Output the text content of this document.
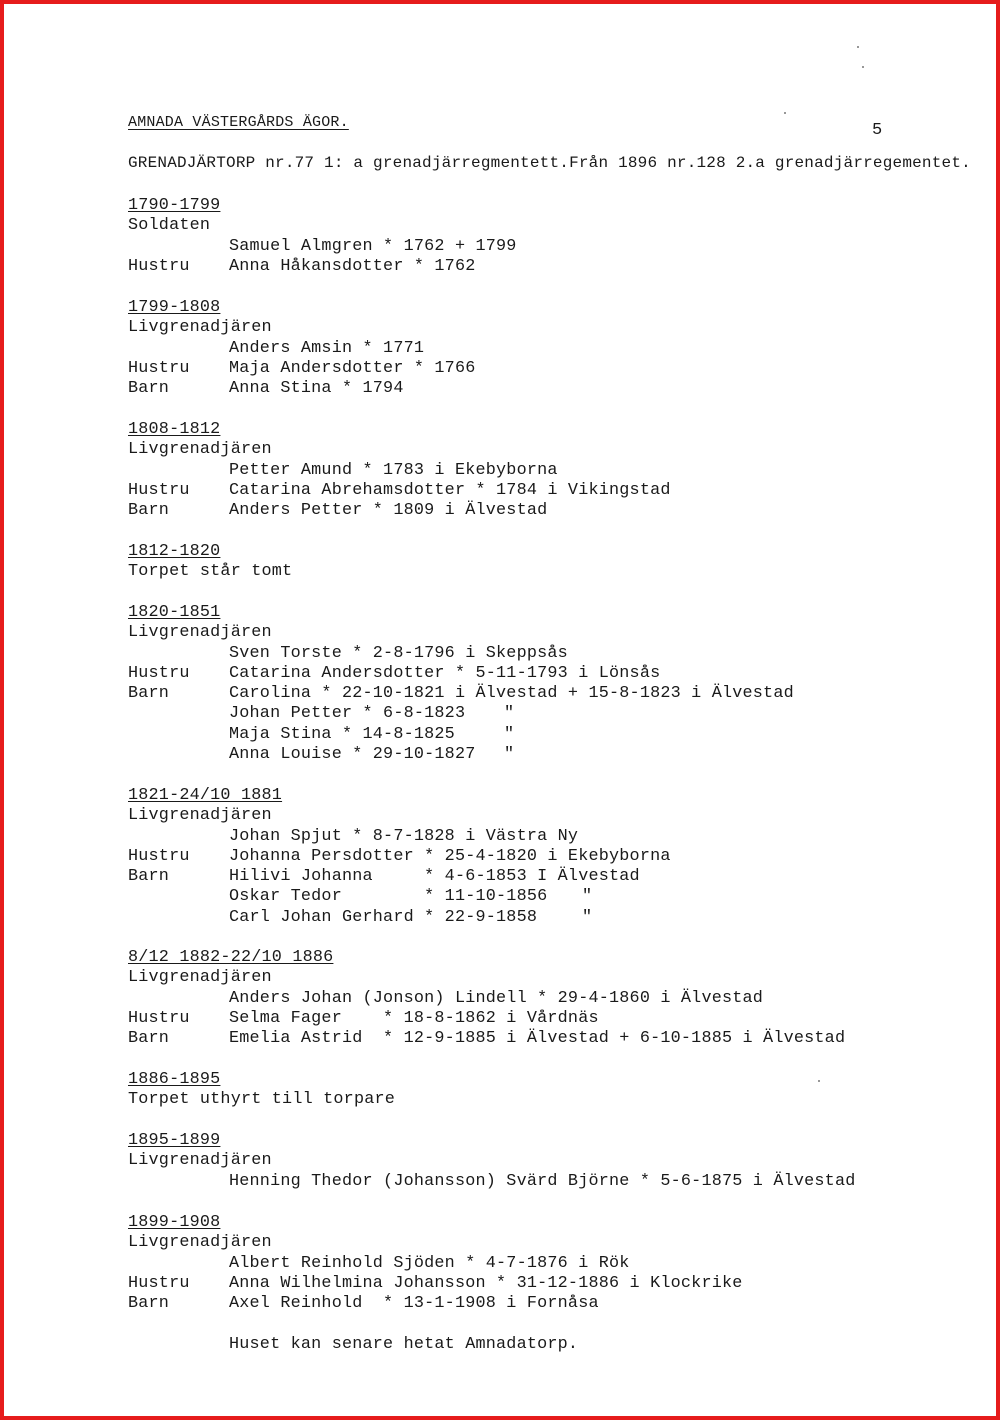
AMNADA VÄSTERGÅRDS ÄGOR.	5
GRENADJÄRTORP nr.77 1: a grenadjärregmentett.Från 1896 nr.128 2.a grenadjärregementet.
1790-1799
Soldaten
Samuel Almgren * 1762 + 1799
Hustru Anna Håkansdotter * 1762
1799-1808
Livgrenadjären
Anders Amsin * 1771
Hustru Maja Andersdotter * 1766
Barn	Anna Stina * 1794
1808-1812
Livgrenadjären
Petter Amund * 1783 i Ekebyborna
Hustru Catarina Abrehamsdotter * 1784 i Vikingstad
Barn	Anders Petter * 1809 i Älvestad
1812-1820
Torpet står tomt
1820-1851
Livgrenadjären
Sven Torste * 2-8-1796 i Skeppsås
Hustru Catarina Andersdotter * 5-11-1793 i Lönsås
Barn	Carolina * 22-10-1821 i Älvestad + 15-8-1823 i Älvestad
Johan Petter * 6-8-1823 "
Maja Stina * 14-8-1825	"
Anna Louise * 29-10-1827 "
1821-24/10 1881
Livgrenadjären
Johan Spjut * 8-7-1828 i Västra Ny
Hustru Johanna Persdotter * 25-4-1820 i Ekebyborna
Barn	Hilivi Johanna     * 4-6-1853 I Älvestad
Oskar Tedor        * 11-10-1856 "
Carl Johan Gerhard * 22-9-1858	"
8/12 1882-22/10 1886
Livgrenadjären
Anders Johan (Jonson) Lindell * 29-4-1860 i Älvestad
Hustru Selma Fager    * 18-8-1862 i Vårdnäs
Barn	Emelia Astrid  * 12-9-1885 i Älvestad + 6-10-1885 i Älvestad
1886-1895
Torpet uthyrt till torpare
1895-1899
Livgrenadjären
Henning Thedor (Johansson) Svärd Björne * 5-6-1875 i Älvestad
1899-1908
Livgrenadjären
Albert Reinhold Sjöden * 4-7-1876 i Rök
Hustru Anna Wilhelmina Johansson * 31-12-1886 i Klockrike
Barn	Axel Reinhold  * 13-1-1908 i Fornåsa
Huset kan senare hetat Amnadatorp.
